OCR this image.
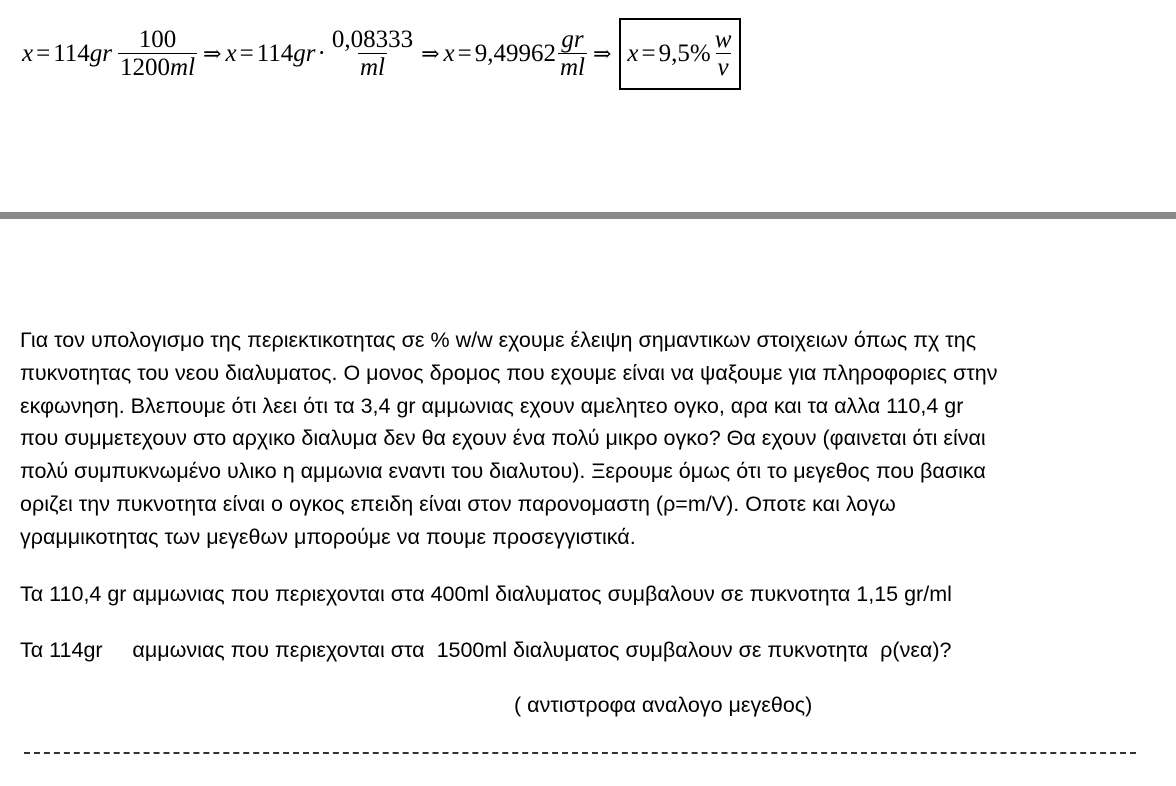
x = 114 gr $\frac{100}{1200ml}$ ⇒ x = 114 gr · $\frac{0,08333}{ml}$ ⇒ $x = 9,49962 \frac{gr}{ml}$ ⇒ $x = 9,5\% \frac{w}{v}$
Για τον υπολογισμο της περιεκτικοτητας σε % w/w εχουμε έλειψη σημαντικων στοιχειων όπως πχ της
πυκνοτητας του νεου διαλυματος. Ο μονος δρομος που εχουμε είναι να ψαξουμε για πληροφοριες στην
εκφωνηση. Βλεπουμε ότι λεει ότι τα 3,4 gr αμμωνιας εχουν αμελητεο ογκο, αρα και τα αλλα 110,4 gr
που συμμετεχουν στο αρχικο διαλυμα δεν θα εχουν ένα πολύ μικρο ογκο? Θα εχουν (φαινεται ότι είναι
πολύ συμπυκνωμένο υλικο η αμμωνια εναντι του διαλυτου). Ξερουμε όμως ότι το μεγεθος που βασικα
οριζει την πυκνοτητα είναι ο ογκος επειδη είναι στον παρονομαστη (ρ=m/V). Οποτε και λογω
γραμμικοτητας των μεγεθων μπορούμε να πουμε προσεγγιστικά.
Τα 110,4 gr αμμωνιας που περιεχονται στα 400ml διαλυματος συμβαλουν σε πυκνοτητα 1,15 gr/ml
Τα 114gr     αμμωνιας που περιεχονται στα  1500ml διαλυματος συμβαλουν σε πυκνοτητα  ρ(νεα)?
( αντιστροφα αναλογο μεγεθος)
